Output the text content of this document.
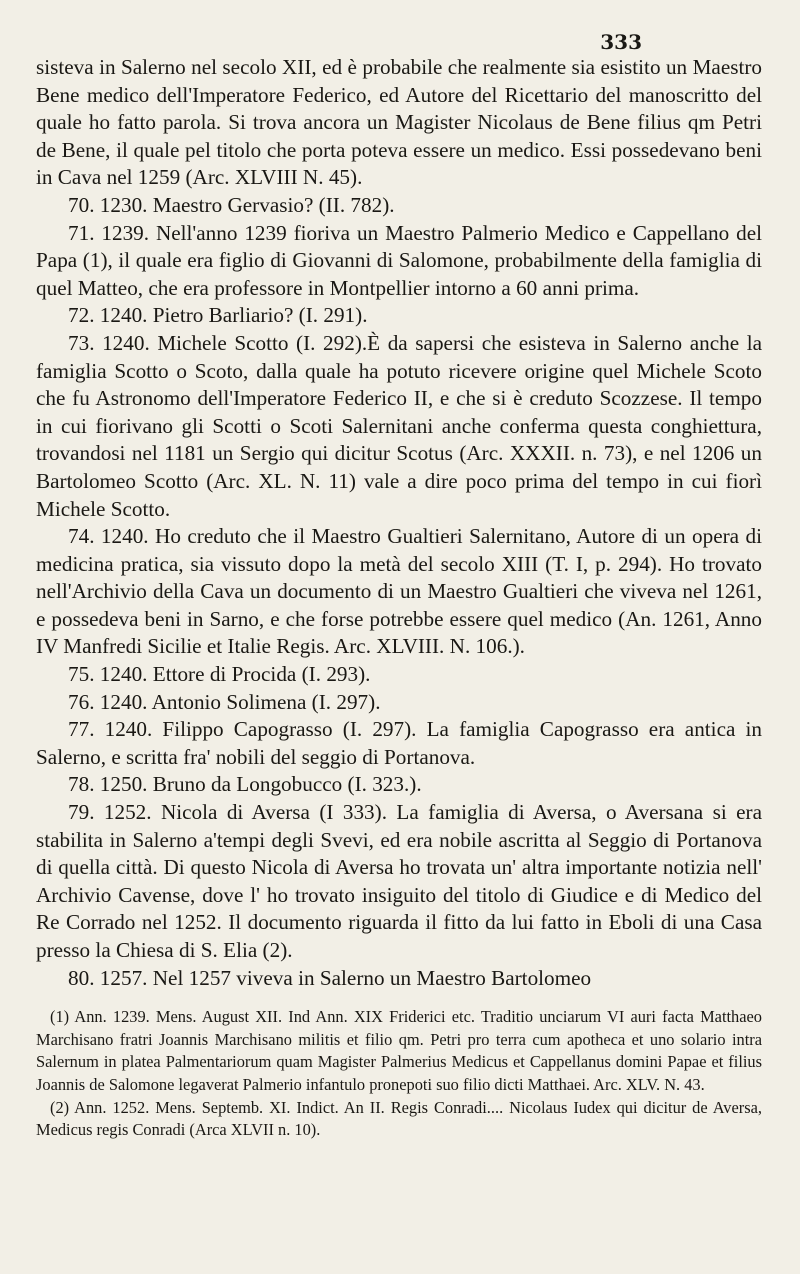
333

sisteva in Salerno nel secolo XII, ed è probabile che realmente sia esistito un Maestro Bene medico dell'Imperatore Federico, ed Autore del Ricettario del manoscritto del quale ho fatto parola. Si trova ancora un Magister Nicolaus de Bene filius qm Petri de Bene, il quale pel titolo che porta poteva essere un medico. Essi possedevano beni in Cava nel 1259 (Arc. XLVIII N. 45).

70. 1230. Maestro Gervasio? (II. 782).

71. 1239. Nell'anno 1239 fioriva un Maestro Palmerio Medico e Cappellano del Papa (1), il quale era figlio di Giovanni di Salomone, probabilmente della famiglia di quel Matteo, che era professore in Montpellier intorno a 60 anni prima.

72. 1240. Pietro Barliario? (I. 291).

73. 1240. Michele Scotto (I. 292).È da sapersi che esisteva in Salerno anche la famiglia Scotto o Scoto, dalla quale ha potuto ricevere origine quel Michele Scoto che fu Astronomo dell'Imperatore Federico II, e che si è creduto Scozzese. Il tempo in cui fiorivano gli Scotti o Scoti Salernitani anche conferma questa conghiettura, trovandosi nel 1181 un Sergio qui dicitur Scotus (Arc. XXXII. n. 73), e nel 1206 un Bartolomeo Scotto (Arc. XL. N. 11) vale a dire poco prima del tempo in cui fiorì Michele Scotto.

74. 1240. Ho creduto che il Maestro Gualtieri Salernitano, Autore di un opera di medicina pratica, sia vissuto dopo la metà del secolo XIII (T. I, p. 294). Ho trovato nell'Archivio della Cava un documento di un Maestro Gualtieri che viveva nel 1261, e possedeva beni in Sarno, e che forse potrebbe essere quel medico (An. 1261, Anno IV Manfredi Sicilie et Italie Regis. Arc. XLVIII. N. 106.).

75. 1240. Ettore di Procida (I. 293).

76. 1240. Antonio Solimena (I. 297).

77. 1240. Filippo Capograsso (I. 297). La famiglia Capograsso era antica in Salerno, e scritta fra' nobili del seggio di Portanova.

78. 1250. Bruno da Longobucco (I. 323.).

79. 1252. Nicola di Aversa (I 333). La famiglia di Aversa, o Aversana si era stabilita in Salerno a'tempi degli Svevi, ed era nobile ascritta al Seggio di Portanova di quella città. Di questo Nicola di Aversa ho trovata un' altra importante notizia nell' Archivio Cavense, dove l' ho trovato insiguito del titolo di Giudice e di Medico del Re Corrado nel 1252. Il documento riguarda il fitto da lui fatto in Eboli di una Casa presso la Chiesa di S. Elia (2).

80. 1257. Nel 1257 viveva in Salerno un Maestro Bartolomeo

(1) Ann. 1239. Mens. August XII. Ind Ann. XIX Friderici etc. Traditio unciarum VI auri facta Matthaeo Marchisano fratri Joannis Marchisano militis et filio qm. Petri pro terra cum apotheca et uno solario intra Salernum in platea Palmentariorum quam Magister Palmerius Medicus et Cappellanus domini Papae et filius Joannis de Salomone legaverat Palmerio infantulo pronepoti suo filio dicti Matthaei. Arc. XLV. N. 43.

(2) Ann. 1252. Mens. Septemb. XI. Indict. An II. Regis Conradi.... Nicolaus Iudex qui dicitur de Aversa, Medicus regis Conradi (Arca XLVII n. 10).
